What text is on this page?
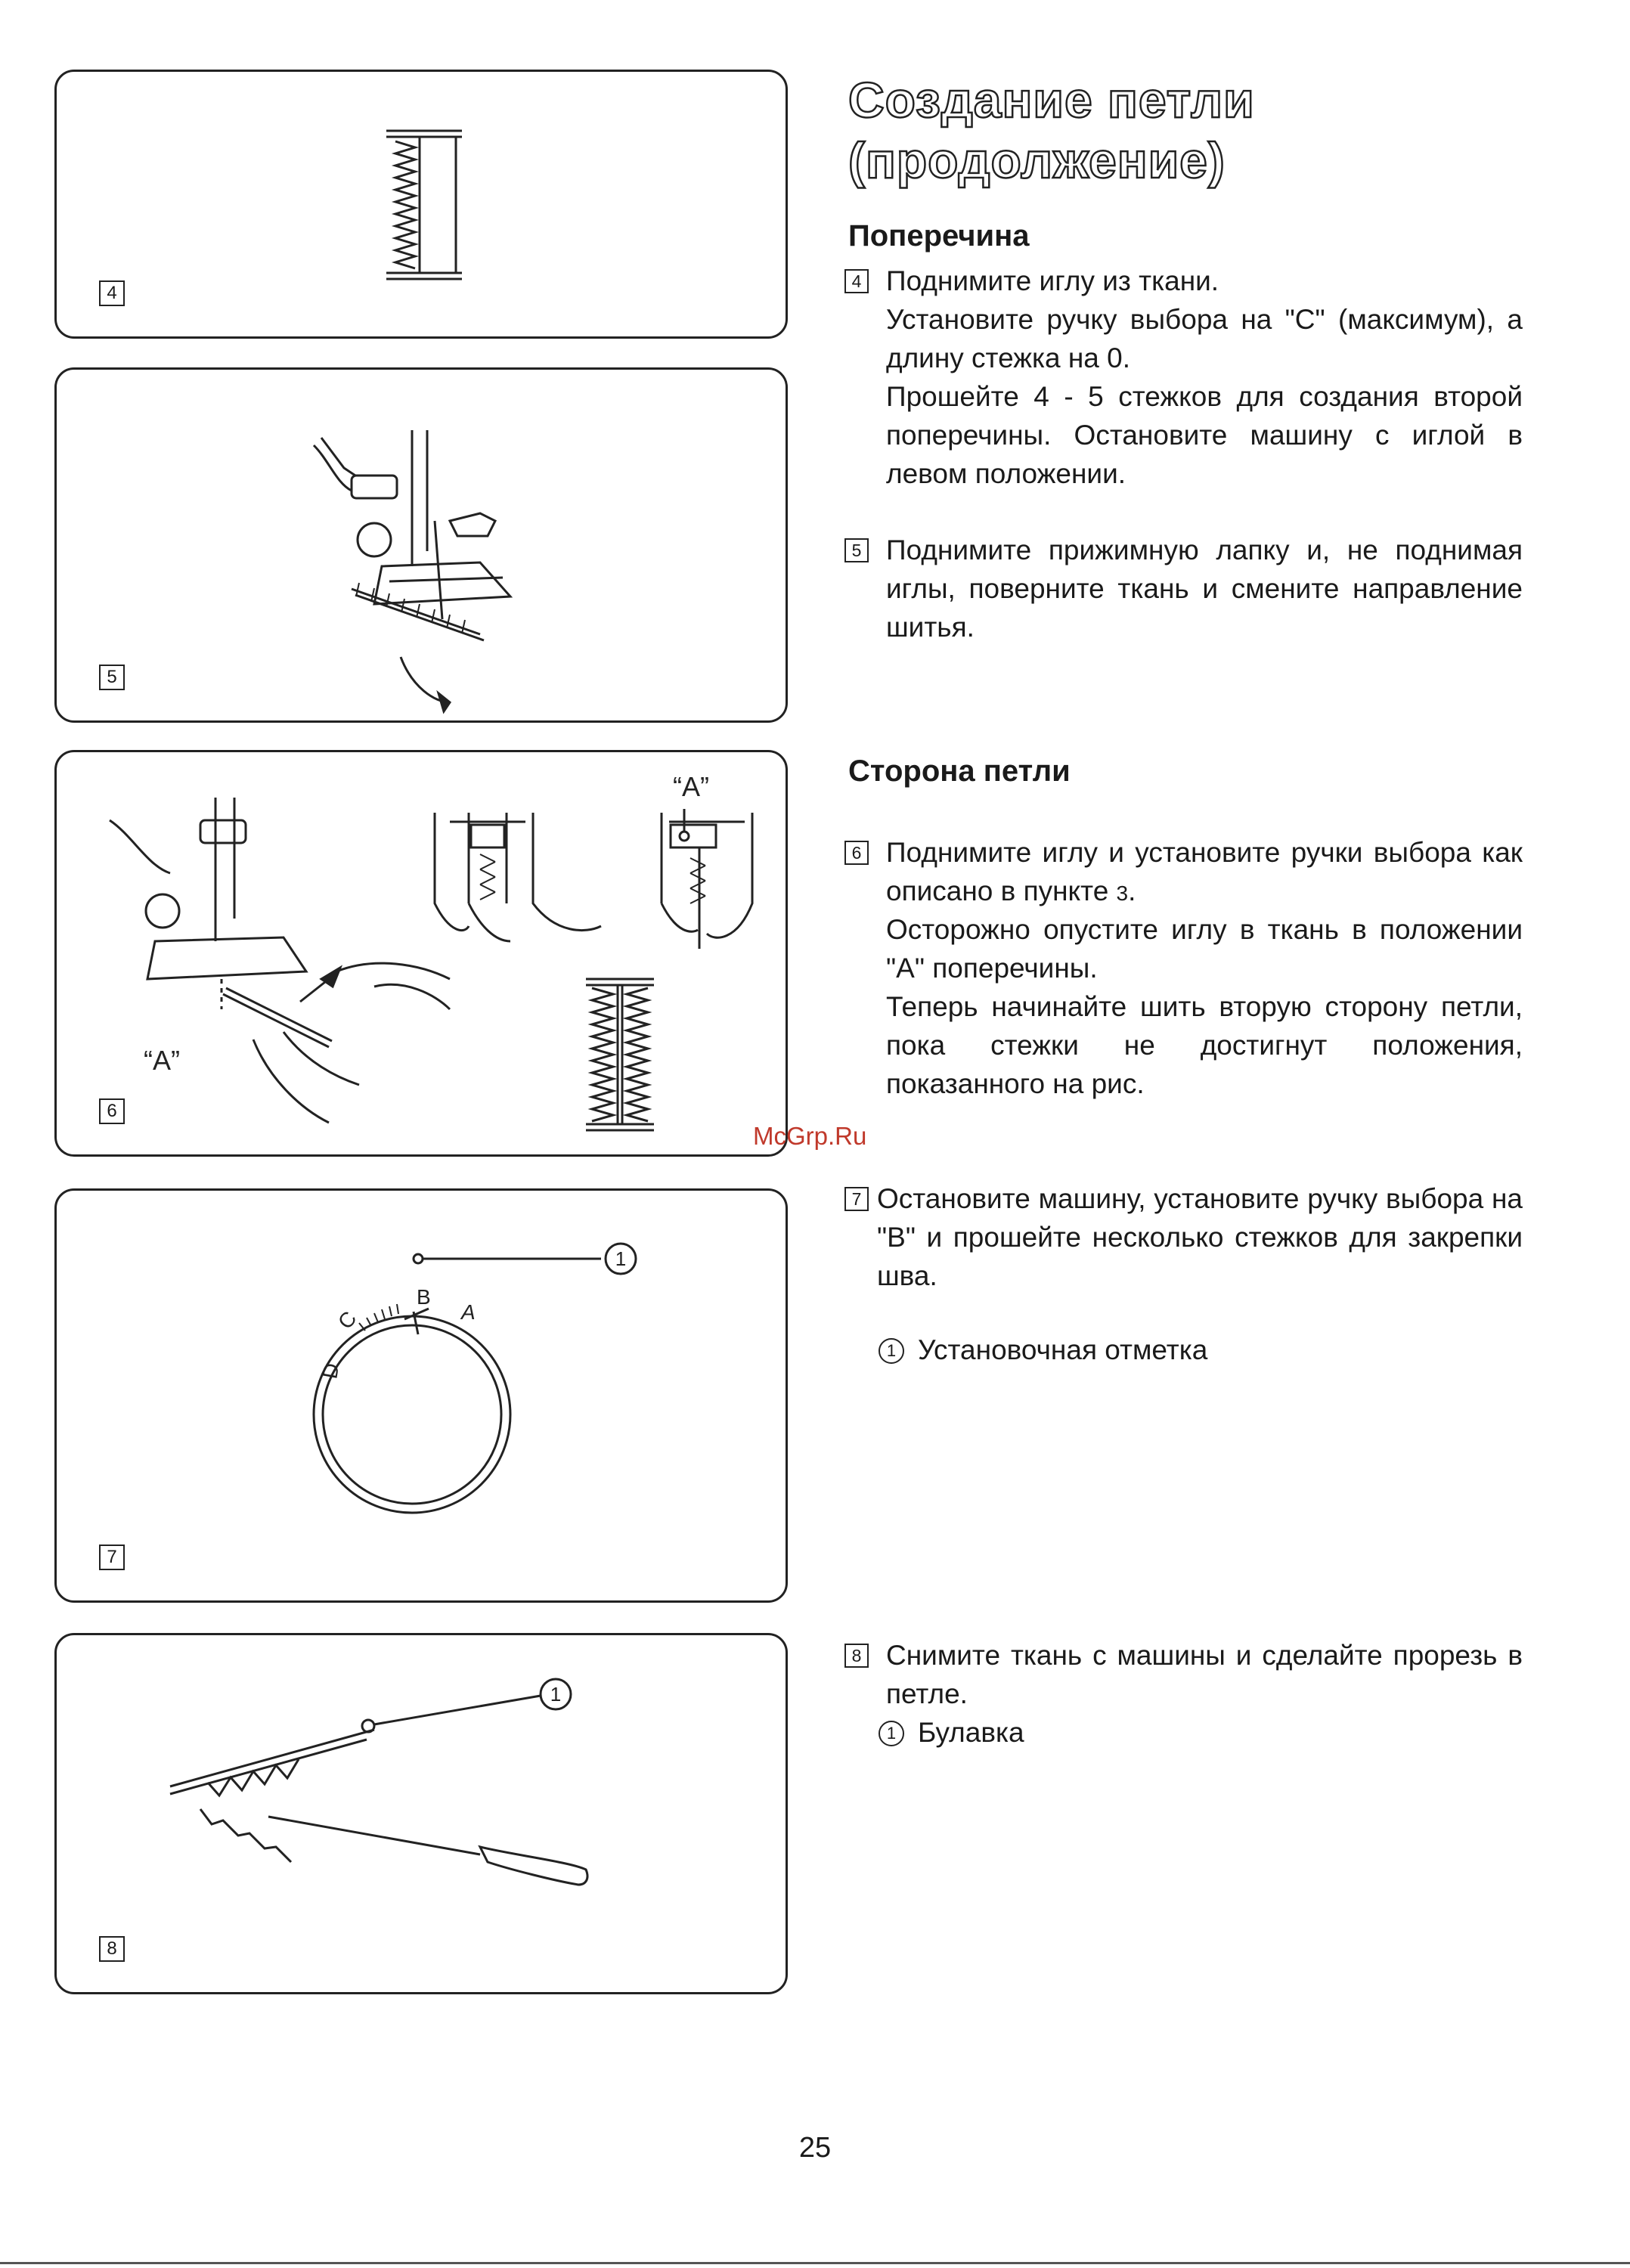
4
5
“A”
“A”
6
D
C
B
A
1
7
1
8
Создание петли
(продолжение)
Поперечина
4 Поднимите иглу из ткани.

Установите ручку выбора на "C" (максимум), а длину стежка на 0.

Прошейте 4 - 5 стежков для создания второй поперечины. Остановите машину с иглой в левом положении.

5 Поднимите прижимную лапку и, не поднимая иглы, поверните ткань и смените направление шитья.

Сторона петли
6 Поднимите иглу и установите ручки выбора как описано в пункте 3.

Осторожно опустите иглу в ткань в положении "A" поперечины.

Теперь начинайте шить вторую сторону петли, пока стежки не достигнут положения, показанного на рис.

McGrp.Ru
7 Остановите машину, установите ручку выбора на "B" и прошейте несколько стежков для закрепки шва.

1 Установочная отметка
8 Снимите ткань с машины и сделайте прорезь в петле.

1 Булавка
25
